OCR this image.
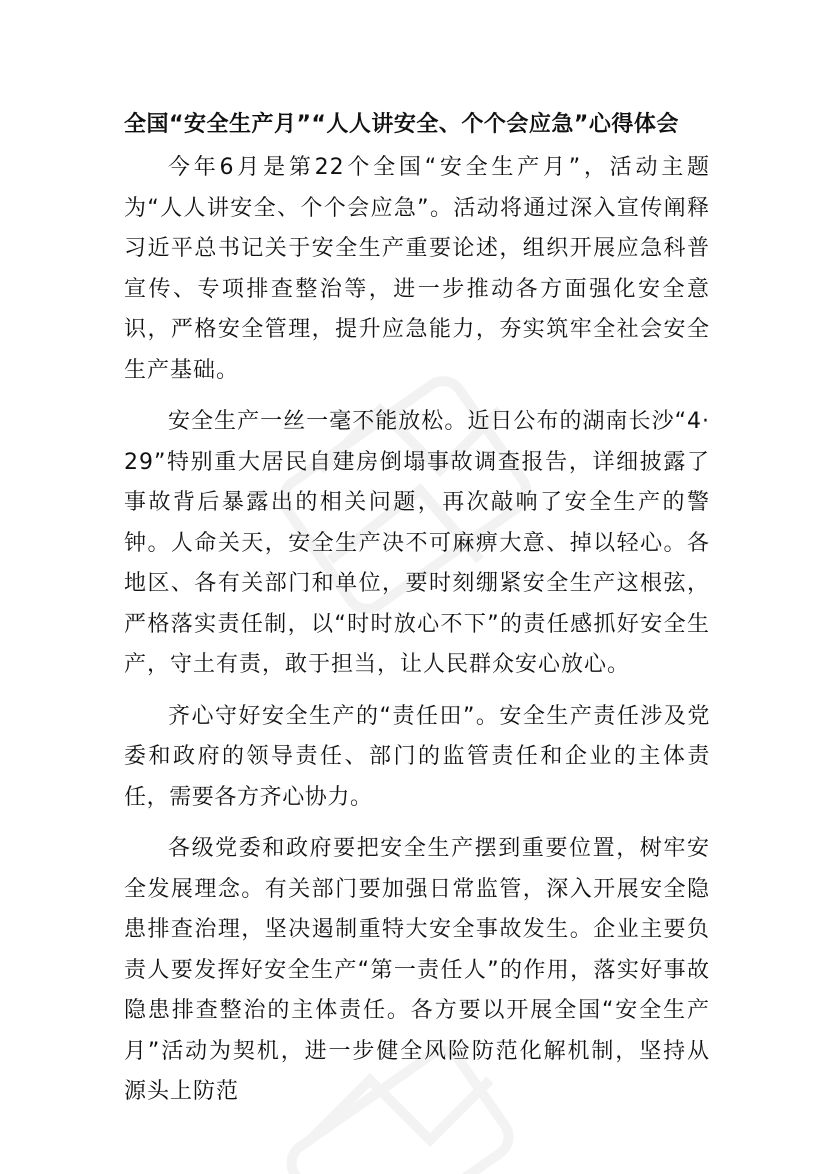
全国“安全生产月”“人人讲安全、个个会应急”心得体会

今年6月是第22个全国“安全生产月”，活动主题为“人人讲安全、个个会应急”。活动将通过深入宣传阐释习近平总书记关于安全生产重要论述，组织开展应急科普宣传、专项排查整治等，进一步推动各方面强化安全意识，严格安全管理，提升应急能力，夯实筑牢全社会安全生产基础。

安全生产一丝一毫不能放松。近日公布的湖南长沙“4·29”特别重大居民自建房倒塌事故调查报告，详细披露了事故背后暴露出的相关问题，再次敲响了安全生产的警钟。人命关天，安全生产决不可麻痹大意、掉以轻心。各地区、各有关部门和单位，要时刻绷紧安全生产这根弦，严格落实责任制，以“时时放心不下”的责任感抓好安全生产，守土有责，敢于担当，让人民群众安心放心。

齐心守好安全生产的“责任田”。安全生产责任涉及党委和政府的领导责任、部门的监管责任和企业的主体责任，需要各方齐心协力。

各级党委和政府要把安全生产摆到重要位置，树牢安全发展理念。有关部门要加强日常监管，深入开展安全隐患排查治理，坚决遏制重特大安全事故发生。企业主要负责人要发挥好安全生产“第一责任人”的作用，落实好事故隐患排查整治的主体责任。各方要以开展全国“安全生产月”活动为契机，进一步健全风险防范化解机制，坚持从源头上防范
